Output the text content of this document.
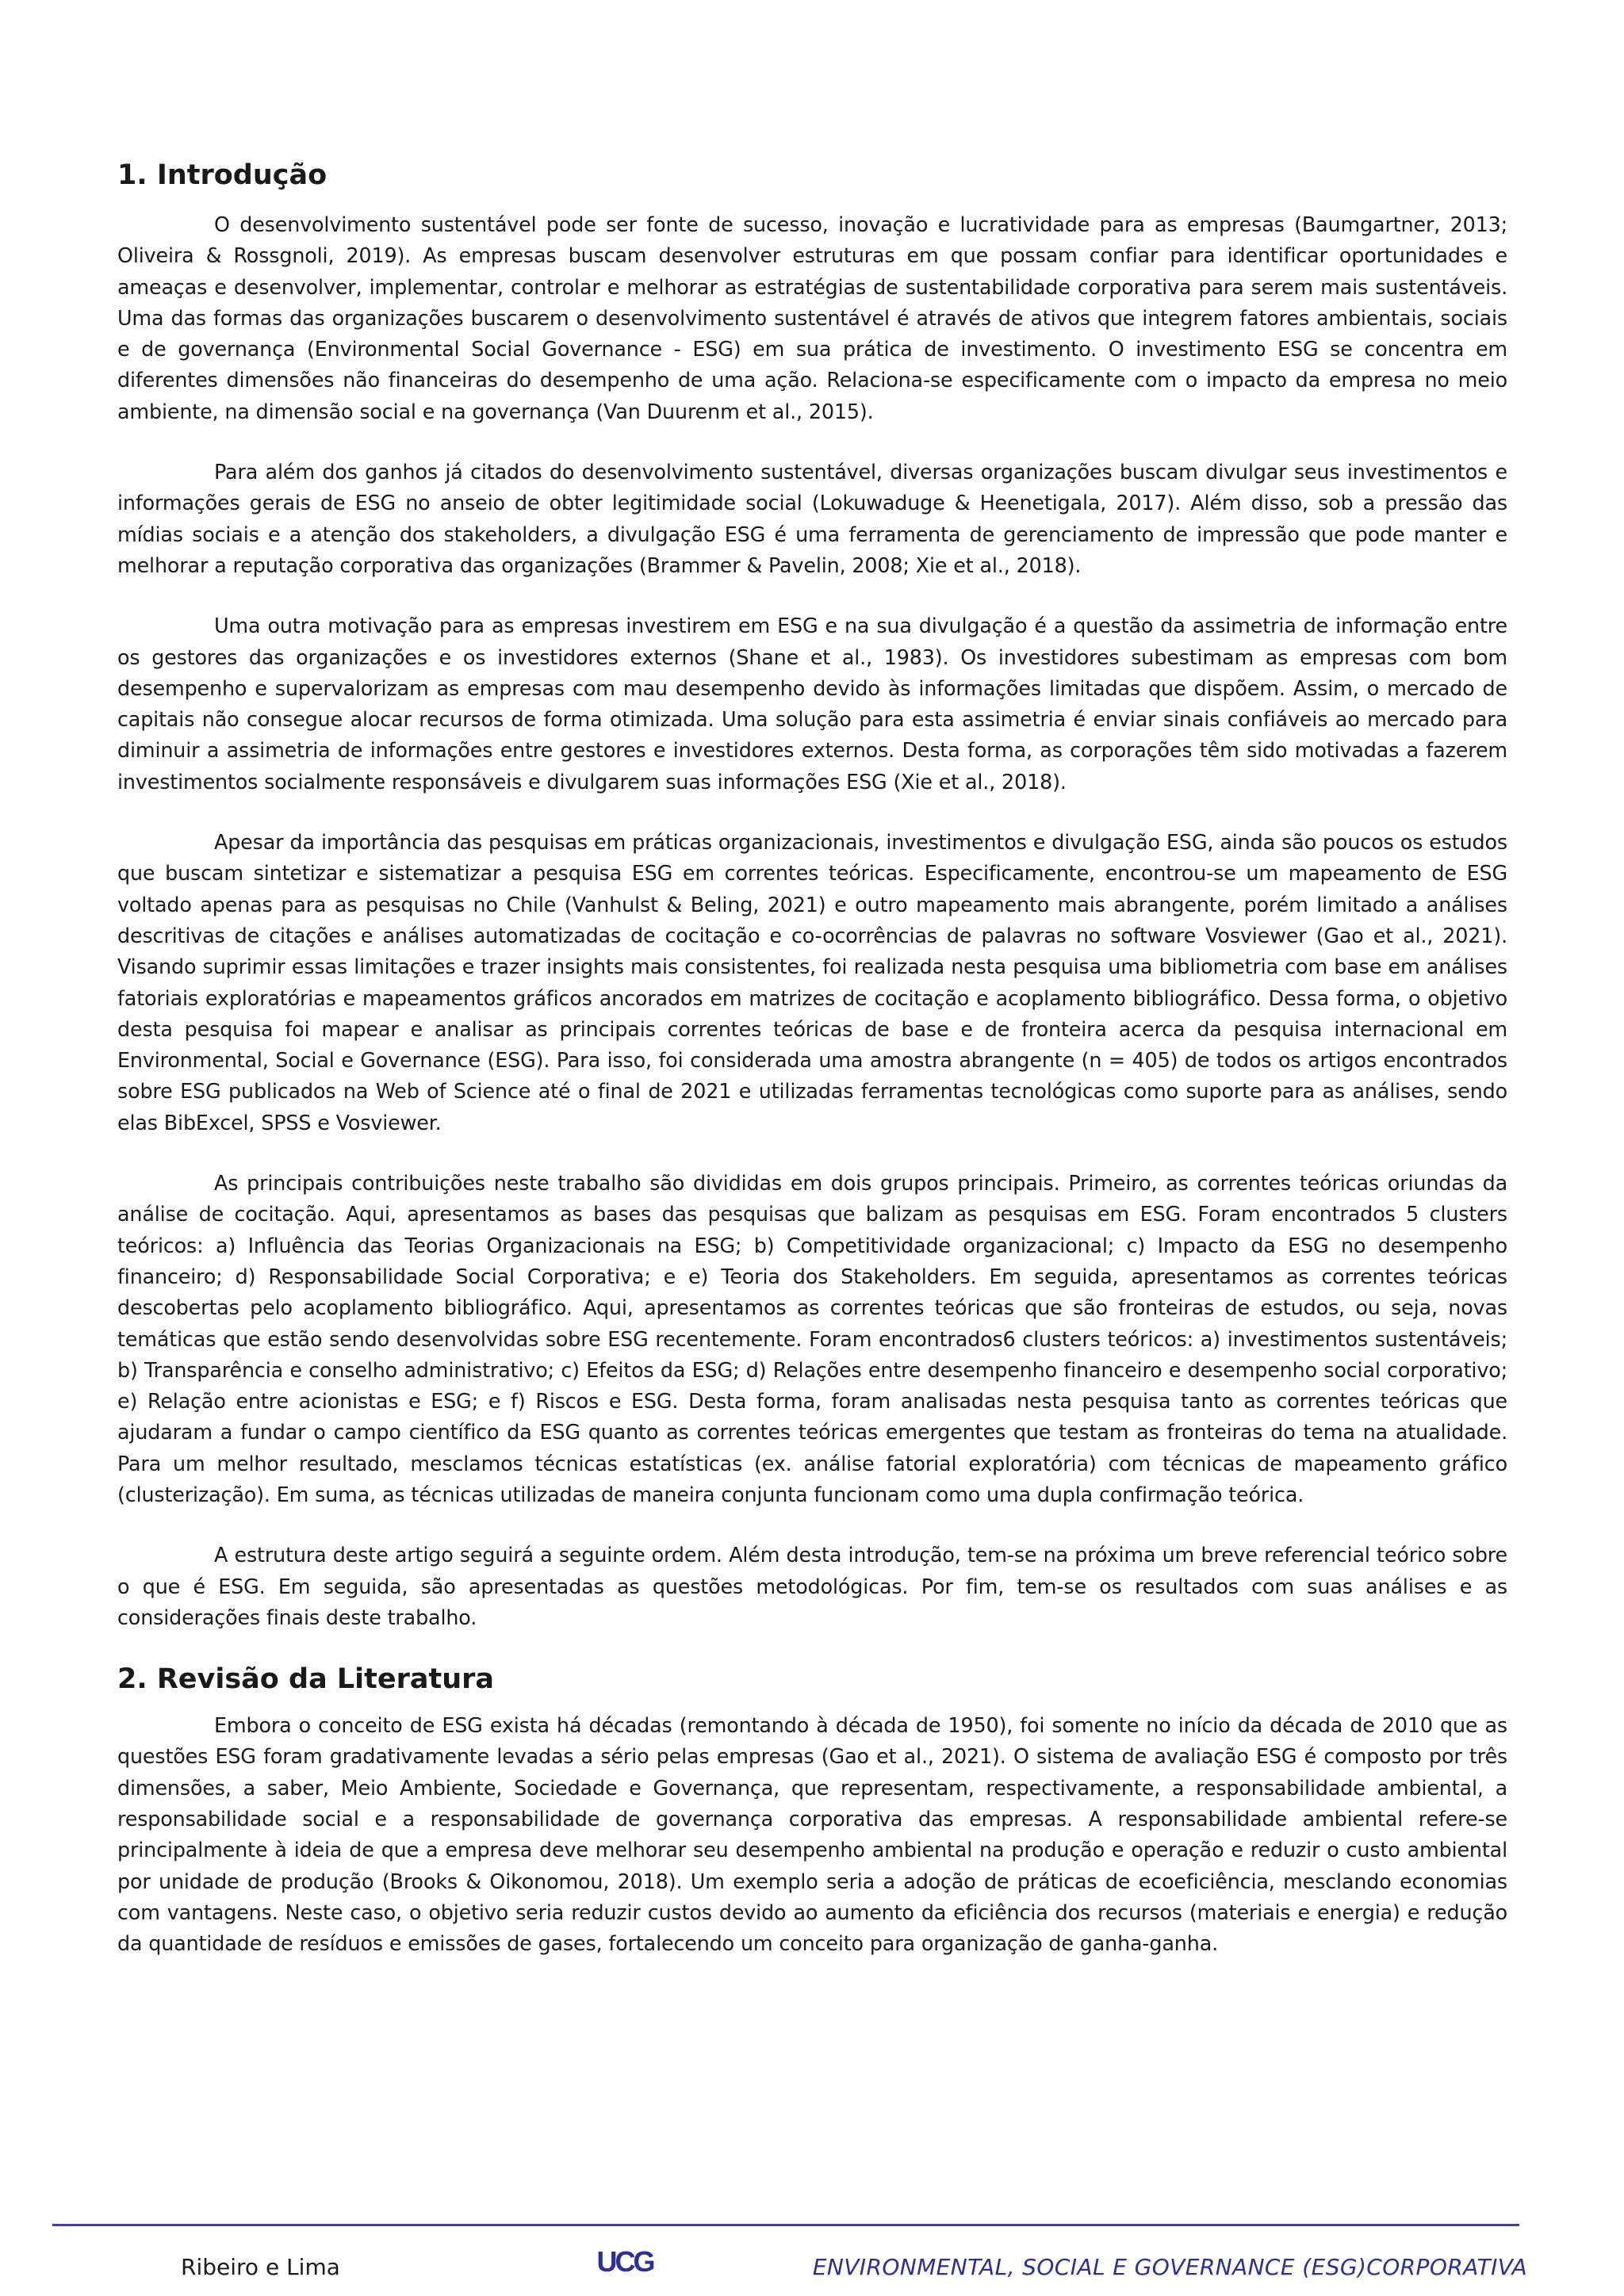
1. Introdução

O desenvolvimento sustentável pode ser fonte de sucesso, inovação e lucratividade para as empresas (Baumgartner, 2013; Oliveira & Rossgnoli, 2019). As empresas buscam desenvolver estruturas em que possam confiar para identificar oportunidades e ameaças e desenvolver, implementar, controlar e melhorar as estratégias de sustentabilidade corporativa para serem mais sustentáveis. Uma das formas das organizações buscarem o desenvolvimento sustentável é através de ativos que integrem fatores ambientais, sociais e de governança (Environmental Social Governance - ESG) em sua prática de investimento. O investimento ESG se concentra em diferentes dimensões não financeiras do desempenho de uma ação. Relaciona-se especificamente com o impacto da empresa no meio ambiente, na dimensão social e na governança (Van Duurenm et al., 2015).

Para além dos ganhos já citados do desenvolvimento sustentável, diversas organizações buscam divulgar seus investimentos e informações gerais de ESG no anseio de obter legitimidade social (Lokuwaduge & Heenetigala, 2017). Além disso, sob a pressão das mídias sociais e a atenção dos stakeholders, a divulgação ESG é uma ferramenta de gerenciamento de impressão que pode manter e melhorar a reputação corporativa das organizações (Brammer & Pavelin, 2008; Xie et al., 2018).

Uma outra motivação para as empresas investirem em ESG e na sua divulgação é a questão da assimetria de informação entre os gestores das organizações e os investidores externos (Shane et al., 1983). Os investidores subestimam as empresas com bom desempenho e supervalorizam as empresas com mau desempenho devido às informações limitadas que dispõem. Assim, o mercado de capitais não consegue alocar recursos de forma otimizada. Uma solução para esta assimetria é enviar sinais confiáveis ao mercado para diminuir a assimetria de informações entre gestores e investidores externos. Desta forma, as corporações têm sido motivadas a fazerem investimentos socialmente responsáveis e divulgarem suas informações ESG (Xie et al., 2018).

Apesar da importância das pesquisas em práticas organizacionais, investimentos e divulgação ESG, ainda são poucos os estudos que buscam sintetizar e sistematizar a pesquisa ESG em correntes teóricas. Especificamente, encontrou-se um mapeamento de ESG voltado apenas para as pesquisas no Chile (Vanhulst & Beling, 2021) e outro mapeamento mais abrangente, porém limitado a análises descritivas de citações e análises automatizadas de cocitação e co-ocorrências de palavras no software Vosviewer (Gao et al., 2021). Visando suprimir essas limitações e trazer insights mais consistentes, foi realizada nesta pesquisa uma bibliometria com base em análises fatoriais exploratórias e mapeamentos gráficos ancorados em matrizes de cocitação e acoplamento bibliográfico. Dessa forma, o objetivo desta pesquisa foi mapear e analisar as principais correntes teóricas de base e de fronteira acerca da pesquisa internacional em Environmental, Social e Governance (ESG). Para isso, foi considerada uma amostra abrangente (n = 405) de todos os artigos encontrados sobre ESG publicados na Web of Science até o final de 2021 e utilizadas ferramentas tecnológicas como suporte para as análises, sendo elas BibExcel, SPSS e Vosviewer.

As principais contribuições neste trabalho são divididas em dois grupos principais. Primeiro, as correntes teóricas oriundas da análise de cocitação. Aqui, apresentamos as bases das pesquisas que balizam as pesquisas em ESG. Foram encontrados 5 clusters teóricos: a) Influência das Teorias Organizacionais na ESG; b) Competitividade organizacional; c) Impacto da ESG no desempenho financeiro; d) Responsabilidade Social Corporativa; e e) Teoria dos Stakeholders. Em seguida, apresentamos as correntes teóricas descobertas pelo acoplamento bibliográfico. Aqui, apresentamos as correntes teóricas que são fronteiras de estudos, ou seja, novas temáticas que estão sendo desenvolvidas sobre ESG recentemente. Foram encontrados6 clusters teóricos: a) investimentos sustentáveis; b) Transparência e conselho administrativo; c) Efeitos da ESG; d) Relações entre desempenho financeiro e desempenho social corporativo; e) Relação entre acionistas e ESG; e f) Riscos e ESG. Desta forma, foram analisadas nesta pesquisa tanto as correntes teóricas que ajudaram a fundar o campo científico da ESG quanto as correntes teóricas emergentes que testam as fronteiras do tema na atualidade. Para um melhor resultado, mesclamos técnicas estatísticas (ex. análise fatorial exploratória) com técnicas de mapeamento gráfico (clusterização). Em suma, as técnicas utilizadas de maneira conjunta funcionam como uma dupla confirmação teórica.

A estrutura deste artigo seguirá a seguinte ordem. Além desta introdução, tem-se na próxima um breve referencial teórico sobre o que é ESG. Em seguida, são apresentadas as questões metodológicas. Por fim, tem-se os resultados com suas análises e as considerações finais deste trabalho.

2. Revisão da Literatura

Embora o conceito de ESG exista há décadas (remontando à década de 1950), foi somente no início da década de 2010 que as questões ESG foram gradativamente levadas a sério pelas empresas (Gao et al., 2021). O sistema de avaliação ESG é composto por três dimensões, a saber, Meio Ambiente, Sociedade e Governança, que representam, respectivamente, a responsabilidade ambiental, a responsabilidade social e a responsabilidade de governança corporativa das empresas. A responsabilidade ambiental refere-se principalmente à ideia de que a empresa deve melhorar seu desempenho ambiental na produção e operação e reduzir o custo ambiental por unidade de produção (Brooks & Oikonomou, 2018). Um exemplo seria a adoção de práticas de ecoeficiência, mesclando economias com vantagens. Neste caso, o objetivo seria reduzir custos devido ao aumento da eficiência dos recursos (materiais e energia) e redução da quantidade de resíduos e emissões de gases, fortalecendo um conceito para organização de ganha-ganha.

Ribeiro e Lima	UCG	ENVIRONMENTAL, SOCIAL E GOVERNANCE (ESG)CORPORATIVA
